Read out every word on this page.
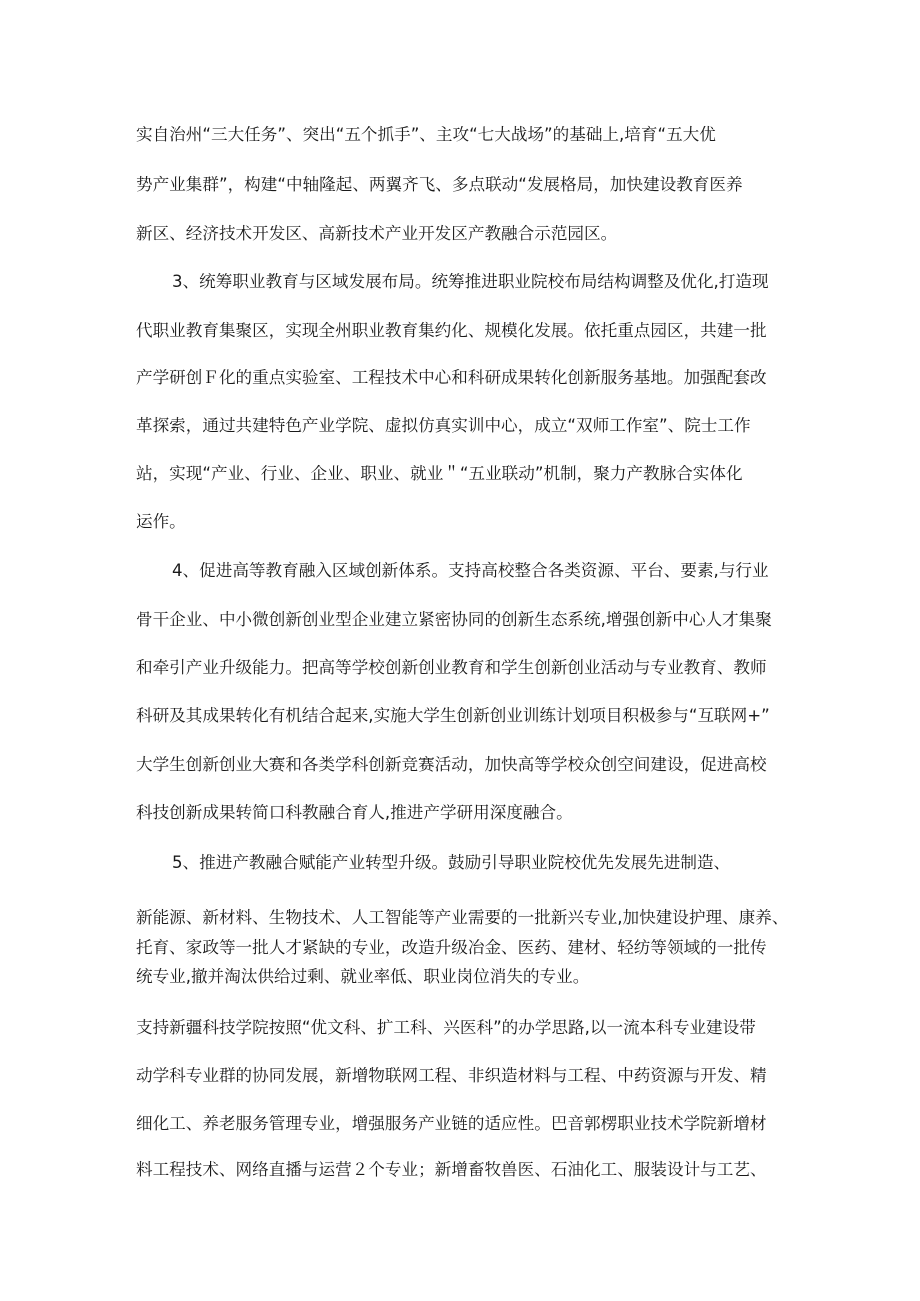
实自治州“三大任务”、突出“五个抓手”、主攻“七大战场”的基础上,培育“五大优
势产业集群”，构建“中轴隆起、两翼齐飞、多点联动“发展格局，加快建设教育医养
新区、经济技术开发区、高新技术产业开发区产教融合示范园区。
3、统筹职业教育与区域发展布局。统筹推进职业院校布局结构调整及优化,打造现
代职业教育集聚区，实现全州职业教育集约化、规模化发展。依托重点园区，共建一批
产学研创Ｆ化的重点实验室、工程技术中心和科研成果转化创新服务基地。加强配套改
革探索，通过共建特色产业学院、虚拟仿真实训中心，成立“双师工作室”、院士工作
站，实现“产业、行业、企业、职业、就业＂“五业联动”机制，聚力产教脉合实体化
运作。
4、促进高等教育融入区域创新体系。支持高校整合各类资源、平台、要素,与行业
骨干企业、中小微创新创业型企业建立紧密协同的创新生态系统,增强创新中心人才集聚
和牵引产业升级能力。把高等学校创新创业教育和学生创新创业活动与专业教育、教师
科研及其成果转化有机结合起来,实施大学生创新创业训练计划项目积极参与“互联网+”
大学生创新创业大赛和各类学科创新竞赛活动，加快高等学校众创空间建设，促进高校
科技创新成果转简口科教融合育人,推进产学研用深度融合。
5、推进产教融合赋能产业转型升级。鼓励引导职业院校优先发展先进制造、
新能源、新材料、生物技术、人工智能等产业需要的一批新兴专业,加快建设护理、康养、
托育、家政等一批人才紧缺的专业，改造升级冶金、医药、建材、轻纺等领域的一批传
统专业,撤并淘汰供给过剩、就业率低、职业岗位消失的专业。
支持新疆科技学院按照“优文科、扩工科、兴医科”的办学思路,以一流本科专业建设带
动学科专业群的协同发展，新增物联网工程、非织造材料与工程、中药资源与开发、精
细化工、养老服务管理专业，增强服务产业链的适应性。巴音郭楞职业技术学院新增材
料工程技术、网络直播与运营２个专业；新增畜牧兽医、石油化工、服装设计与工艺、
